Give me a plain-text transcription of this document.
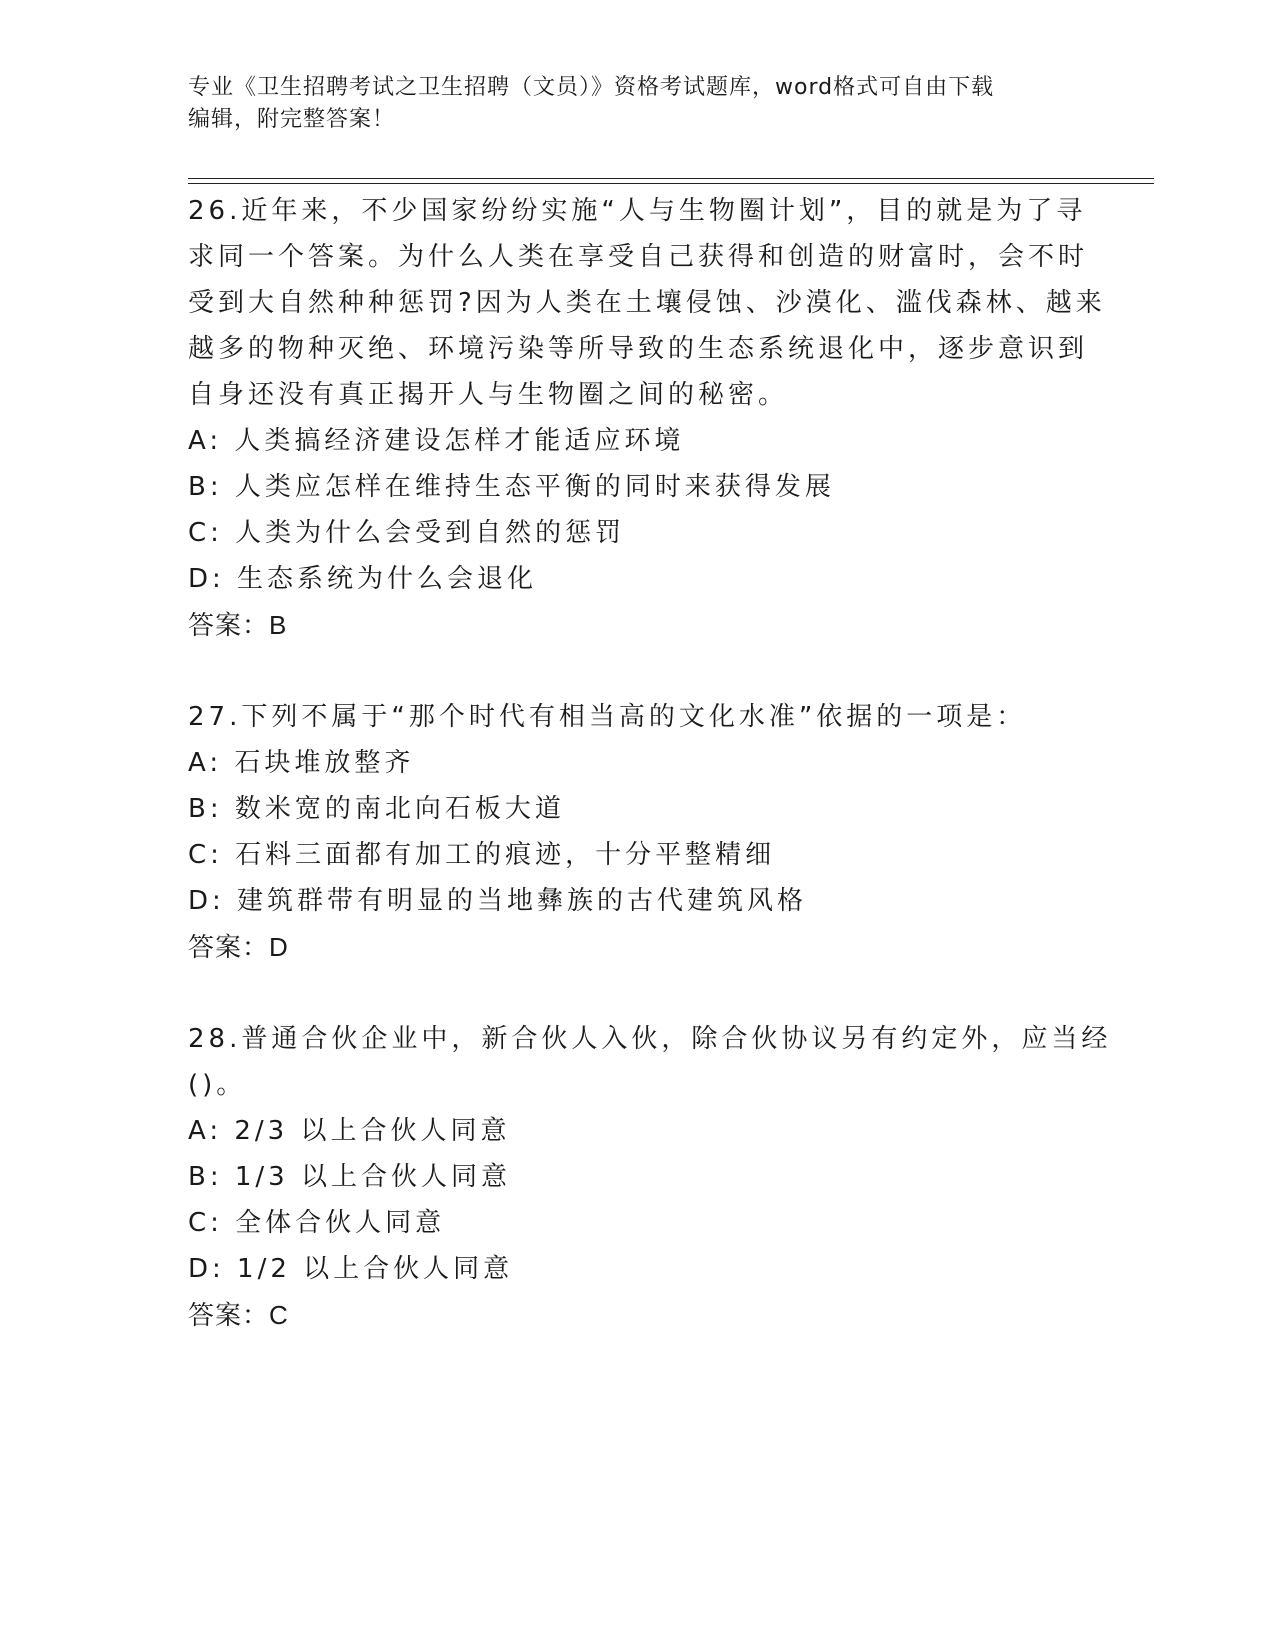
专业《卫生招聘考试之卫生招聘（文员）》资格考试题库，word格式可自由下载
编辑，附完整答案！
26.近年来，不少国家纷纷实施“人与生物圈计划”，目的就是为了寻
求同一个答案。为什么人类在享受自己获得和创造的财富时，会不时
受到大自然种种惩罚?因为人类在土壤侵蚀、沙漠化、滥伐森林、越来
越多的物种灭绝、环境污染等所导致的生态系统退化中，逐步意识到
自身还没有真正揭开人与生物圈之间的秘密。
A: 人类搞经济建设怎样才能适应环境
B: 人类应怎样在维持生态平衡的同时来获得发展
C: 人类为什么会受到自然的惩罚
D: 生态系统为什么会退化
答案：B
27.下列不属于“那个时代有相当高的文化水准”依据的一项是：
A: 石块堆放整齐
B: 数米宽的南北向石板大道
C: 石料三面都有加工的痕迹，十分平整精细
D: 建筑群带有明显的当地彝族的古代建筑风格
答案：D
28.普通合伙企业中，新合伙人入伙，除合伙协议另有约定外，应当经
()。
A: 2/3 以上合伙人同意
B: 1/3 以上合伙人同意
C: 全体合伙人同意
D: 1/2 以上合伙人同意
答案：C
